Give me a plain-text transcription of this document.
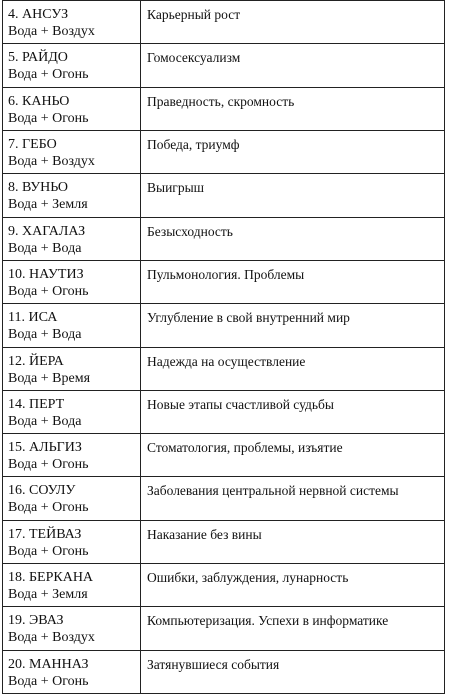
4. АНСУЗ
Вода + Воздух	Карьерный рост

5. РАЙДО
Вода + Огонь	Гомосексуализм

6. КАНЬО
Вода + Огонь	Праведность, скромность

7. ГЕБО
Вода + Воздух	Победа, триумф

8. ВУНЬО
Вода + Земля	Выигрыш

9. ХАГАЛАЗ
Вода + Вода	Безысходность

10. НАУТИЗ
Вода + Огонь	Пульмонология. Проблемы

11. ИСА
Вода + Вода	Углубление в свой внутренний мир

12. ЙЕРА
Вода + Время	Надежда на осуществление

14. ПЕРТ
Вода + Вода	Новые этапы счастливой судьбы

15. АЛЬГИЗ
Вода + Огонь	Стоматология, проблемы, изъятие

16. СОУЛУ
Вода + Огонь	Заболевания центральной нервной системы

17. ТЕЙВАЗ
Вода + Огонь	Наказание без вины

18. БЕРКАНА
Вода + Земля	Ошибки, заблуждения, лунарность

19. ЭВАЗ
Вода + Воздух	Компьютеризация. Успехи в информатике

20. МАННАЗ
Вода + Огонь	Затянувшиеся события
